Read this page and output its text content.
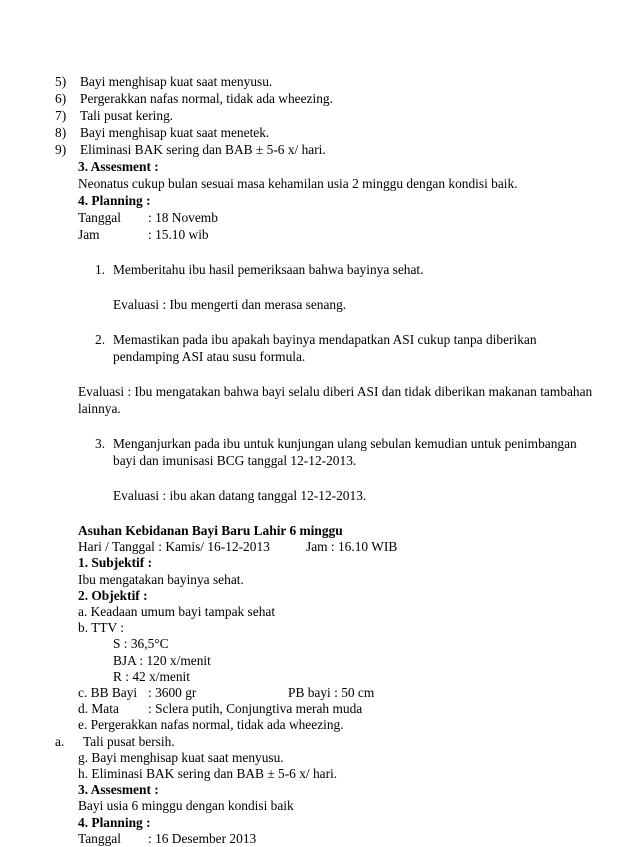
5) Bayi menghisap kuat saat menyusu.
6) Pergerakkan nafas normal, tidak ada wheezing.
7) Tali pusat kering.
8) Bayi menghisap kuat saat menetek.
9) Eliminasi BAK sering dan BAB ± 5-6 x/ hari.
3. Assesment :
Neonatus cukup bulan sesuai masa kehamilan usia 2 minggu dengan kondisi baik.
4. Planning :
Tanggal : 18 Novemb
Jam	: 15.10 wib
1. Memberitahu ibu hasil pemeriksaan bahwa bayinya sehat.
Evaluasi : Ibu mengerti dan merasa senang.
2. Memastikan pada ibu apakah bayinya mendapatkan ASI cukup tanpa diberikan
pendamping ASI atau susu formula.
Evaluasi : Ibu mengatakan bahwa bayi selalu diberi ASI dan tidak diberikan makanan tambahan
lainnya.
3. Menganjurkan pada ibu untuk kunjungan ulang sebulan kemudian untuk penimbangan
bayi dan imunisasi BCG tanggal 12-12-2013.
Evaluasi : ibu akan datang tanggal 12-12-2013.
Asuhan Kebidanan Bayi Baru Lahir 6 minggu
Hari / Tanggal : Kamis/ 16-12-2013	Jam : 16.10 WIB
1. Subjektif :
Ibu mengatakan bayinya sehat.
2. Objektif :
a. Keadaan umum bayi tampak sehat
b. TTV :
S : 36,5°C
BJA : 120 x/menit
R : 42 x/menit
c. BB Bayi : 3600 gr	PB bayi : 50 cm
d. Mata : Sclera putih, Conjungtiva merah muda
e. Pergerakkan nafas normal, tidak ada wheezing.
a. Tali pusat bersih.
g. Bayi menghisap kuat saat menyusu.
h. Eliminasi BAK sering dan BAB ± 5-6 x/ hari.
3. Assesment :
Bayi usia 6 minggu dengan kondisi baik
4. Planning :
Tanggal : 16 Desember 2013
